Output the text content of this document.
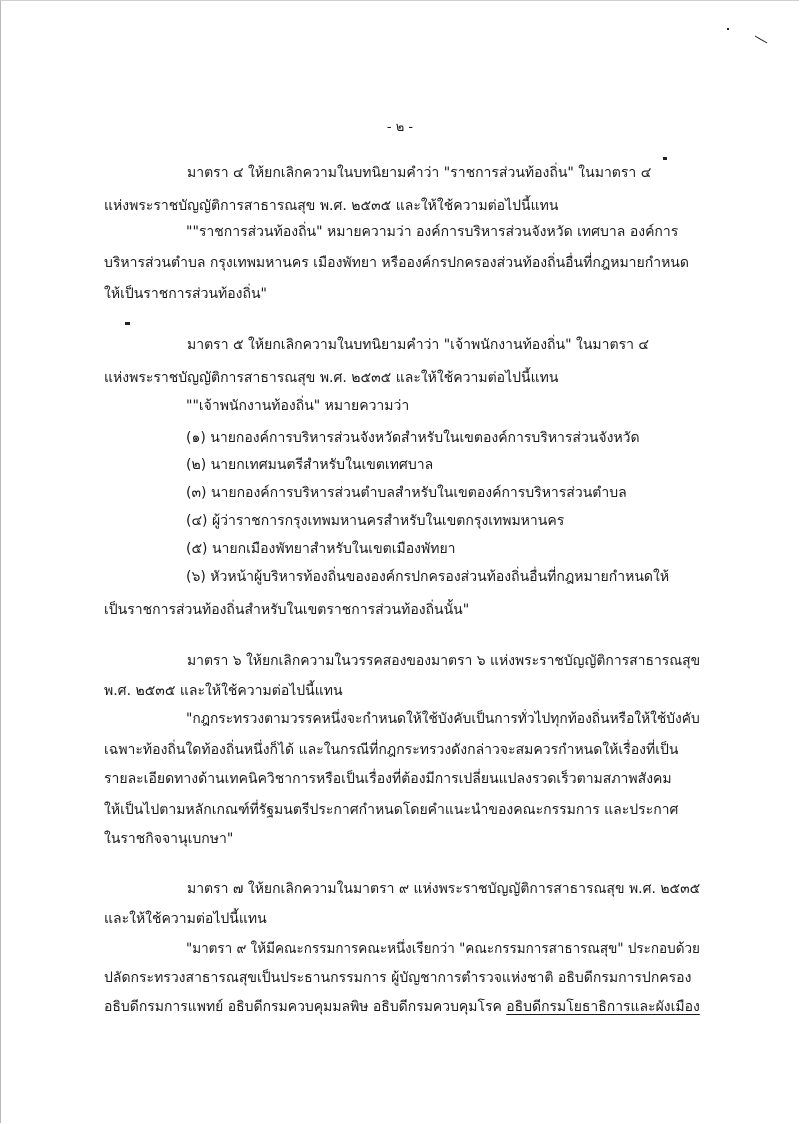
- ๒ -
มาตรา ๔ ให้ยกเลิกความในบทนิยามคำว่า "ราชการส่วนท้องถิ่น" ในมาตรา ๔
แห่งพระราชบัญญัติการสาธารณสุข พ.ศ. ๒๕๓๕ และให้ใช้ความต่อไปนี้แทน
""ราชการส่วนท้องถิ่น" หมายความว่า องค์การบริหารส่วนจังหวัด เทศบาล องค์การ
บริหารส่วนตำบล กรุงเทพมหานคร เมืองพัทยา หรือองค์กรปกครองส่วนท้องถิ่นอื่นที่กฎหมายกำหนด
ให้เป็นราชการส่วนท้องถิ่น"
มาตรา ๕ ให้ยกเลิกความในบทนิยามคำว่า "เจ้าพนักงานท้องถิ่น" ในมาตรา ๔
แห่งพระราชบัญญัติการสาธารณสุข พ.ศ. ๒๕๓๕ และให้ใช้ความต่อไปนี้แทน
""เจ้าพนักงานท้องถิ่น" หมายความว่า
(๑) นายกองค์การบริหารส่วนจังหวัดสำหรับในเขตองค์การบริหารส่วนจังหวัด
(๒) นายกเทศมนตรีสำหรับในเขตเทศบาล
(๓) นายกองค์การบริหารส่วนตำบลสำหรับในเขตองค์การบริหารส่วนตำบล
(๔) ผู้ว่าราชการกรุงเทพมหานครสำหรับในเขตกรุงเทพมหานคร
(๕) นายกเมืองพัทยาสำหรับในเขตเมืองพัทยา
(๖) หัวหน้าผู้บริหารท้องถิ่นขององค์กรปกครองส่วนท้องถิ่นอื่นที่กฎหมายกำหนดให้
เป็นราชการส่วนท้องถิ่นสำหรับในเขตราชการส่วนท้องถิ่นนั้น"
มาตรา ๖ ให้ยกเลิกความในวรรคสองของมาตรา ๖ แห่งพระราชบัญญัติการสาธารณสุข
พ.ศ. ๒๕๓๕ และให้ใช้ความต่อไปนี้แทน
"กฎกระทรวงตามวรรคหนึ่งจะกำหนดให้ใช้บังคับเป็นการทั่วไปทุกท้องถิ่นหรือให้ใช้บังคับ
เฉพาะท้องถิ่นใดท้องถิ่นหนึ่งก็ได้ และในกรณีที่กฎกระทรวงดังกล่าวจะสมควรกำหนดให้เรื่องที่เป็น
รายละเอียดทางด้านเทคนิควิชาการหรือเป็นเรื่องที่ต้องมีการเปลี่ยนแปลงรวดเร็วตามสภาพสังคม
ให้เป็นไปตามหลักเกณฑ์ที่รัฐมนตรีประกาศกำหนดโดยคำแนะนำของคณะกรรมการ และประกาศ
ในราชกิจจานุเบกษา"
มาตรา ๗ ให้ยกเลิกความในมาตรา ๙ แห่งพระราชบัญญัติการสาธารณสุข พ.ศ. ๒๕๓๕
และให้ใช้ความต่อไปนี้แทน
"มาตรา ๙ ให้มีคณะกรรมการคณะหนึ่งเรียกว่า "คณะกรรมการสาธารณสุข" ประกอบด้วย
ปลัดกระทรวงสาธารณสุขเป็นประธานกรรมการ ผู้บัญชาการตำรวจแห่งชาติ อธิบดีกรมการปกครอง
อธิบดีกรมการแพทย์ อธิบดีกรมควบคุมมลพิษ อธิบดีกรมควบคุมโรค อธิบดีกรมโยธาธิการและผังเมือง
